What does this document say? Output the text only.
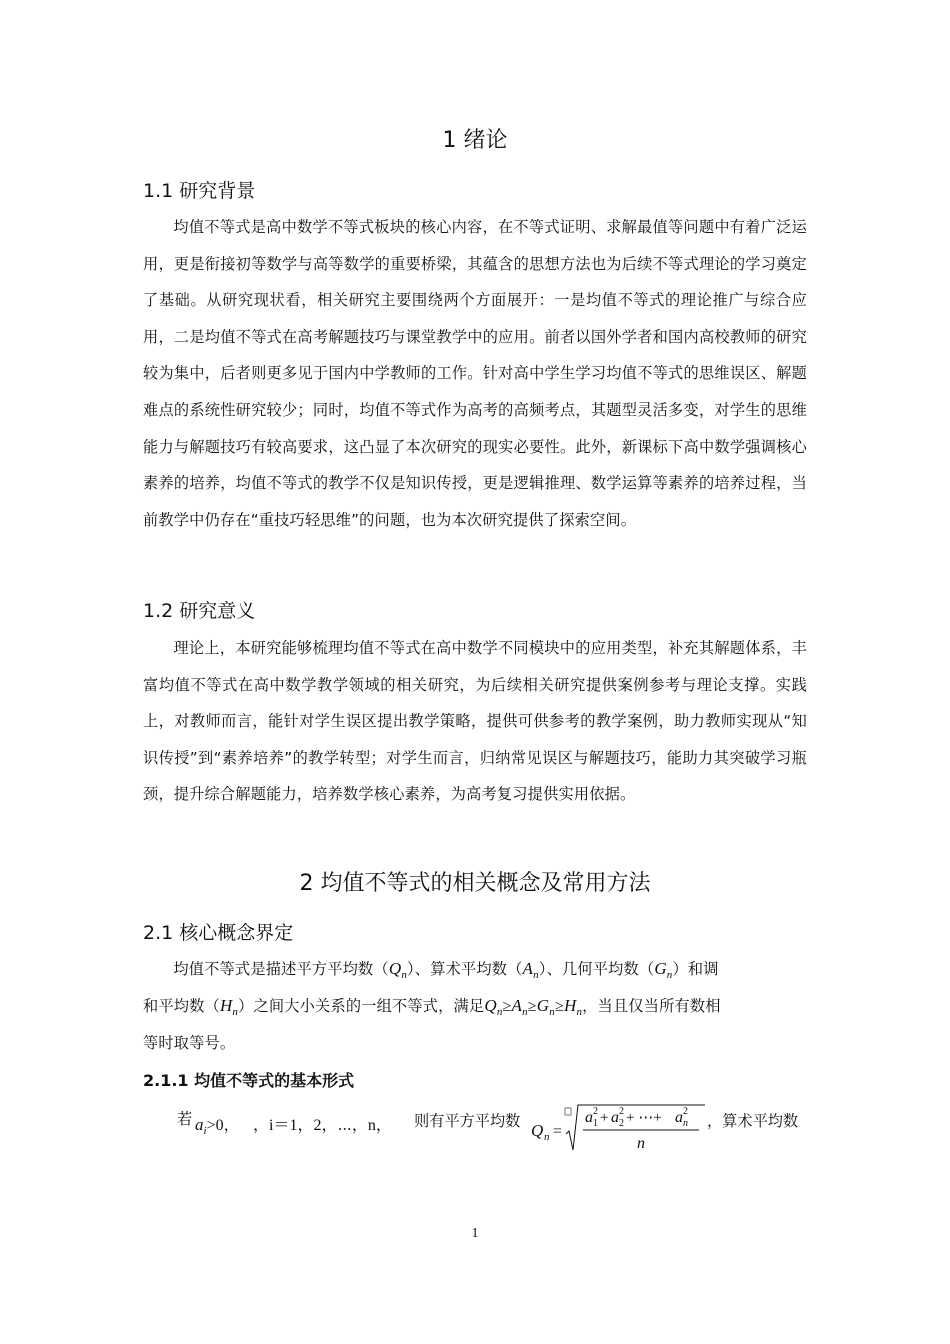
1 绪论
1.1 研究背景
均值不等式是高中数学不等式板块的核心内容，在不等式证明、求解最值等问题中有着广泛运用，更是衔接初等数学与高等数学的重要桥梁，其蕴含的思想方法也为后续不等式理论的学习奠定了基础。从研究现状看，相关研究主要围绕两个方面展开：一是均值不等式的理论推广与综合应用，二是均值不等式在高考解题技巧与课堂教学中的应用。前者以国外学者和国内高校教师的研究较为集中，后者则更多见于国内中学教师的工作。针对高中学生学习均值不等式的思维误区、解题难点的系统性研究较少；同时，均值不等式作为高考的高频考点，其题型灵活多变，对学生的思维能力与解题技巧有较高要求，这凸显了本次研究的现实必要性。此外，新课标下高中数学强调核心素养的培养，均值不等式的教学不仅是知识传授，更是逻辑推理、数学运算等素养的培养过程，当前教学中仍存在“重技巧轻思维”的问题，也为本次研究提供了探索空间。
1.2 研究意义
理论上，本研究能够梳理均值不等式在高中数学不同模块中的应用类型，补充其解题体系，丰富均值不等式在高中数学教学领域的相关研究，为后续相关研究提供案例参考与理论支撑。实践上，对教师而言，能针对学生误区提出教学策略，提供可供参考的教学案例，助力教师实现从“知识传授”到“素养培养”的教学转型；对学生而言，归纳常见误区与解题技巧，能助力其突破学习瓶颈，提升综合解题能力，培养数学核心素养，为高考复习提供实用依据。
2 均值不等式的相关概念及常用方法
2.1 核心概念界定
均值不等式是描述平方平均数$(Q_n)$、算术平均数$(A_n)$、几何平均数$(G_n)$和调
和平均数$(H_n)$之间大小关系的一组不等式，满足$Q_n\ge A_n\ge G_n\ge H_n$，当且仅当所有数相
等时取等号。
2.1.1 均值不等式的基本形式
若 $a_i>0$， ，i＝1，2，⋯，n， 则有平方平均数 Q n =
a 1
2 + a 2
2 + ⋯+ a n
2
n
，算术平均数
1
